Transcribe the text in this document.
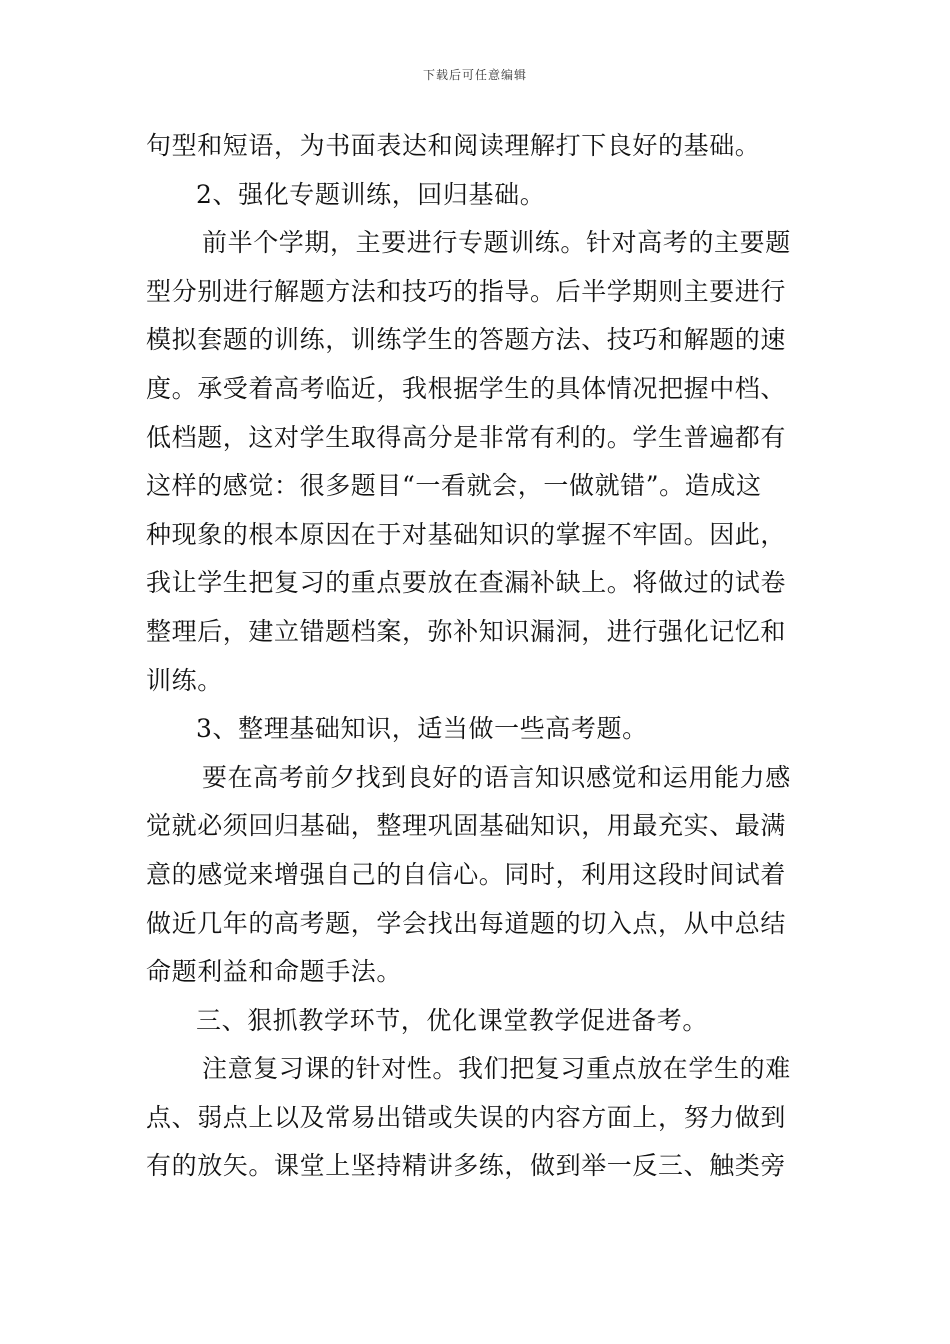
下载后可任意编辑
句型和短语，为书面表达和阅读理解打下良好的基础。
2、强化专题训练，回归基础。
前半个学期，主要进行专题训练。针对高考的主要题
型分别进行解题方法和技巧的指导。后半学期则主要进行
模拟套题的训练，训练学生的答题方法、技巧和解题的速
度。承受着高考临近，我根据学生的具体情况把握中档、
低档题，这对学生取得高分是非常有利的。学生普遍都有
这样的感觉：很多题目“一看就会，一做就错”。造成这
种现象的根本原因在于对基础知识的掌握不牢固。因此，
我让学生把复习的重点要放在查漏补缺上。将做过的试卷
整理后，建立错题档案，弥补知识漏洞，进行强化记忆和
训练。
3、整理基础知识，适当做一些高考题。
要在高考前夕找到良好的语言知识感觉和运用能力感
觉就必须回归基础，整理巩固基础知识，用最充实、最满
意的感觉来增强自己的自信心。同时，利用这段时间试着
做近几年的高考题，学会找出每道题的切入点，从中总结
命题利益和命题手法。
三、狠抓教学环节，优化课堂教学促进备考。
注意复习课的针对性。我们把复习重点放在学生的难
点、弱点上以及常易出错或失误的内容方面上，努力做到
有的放矢。课堂上坚持精讲多练，做到举一反三、触类旁
